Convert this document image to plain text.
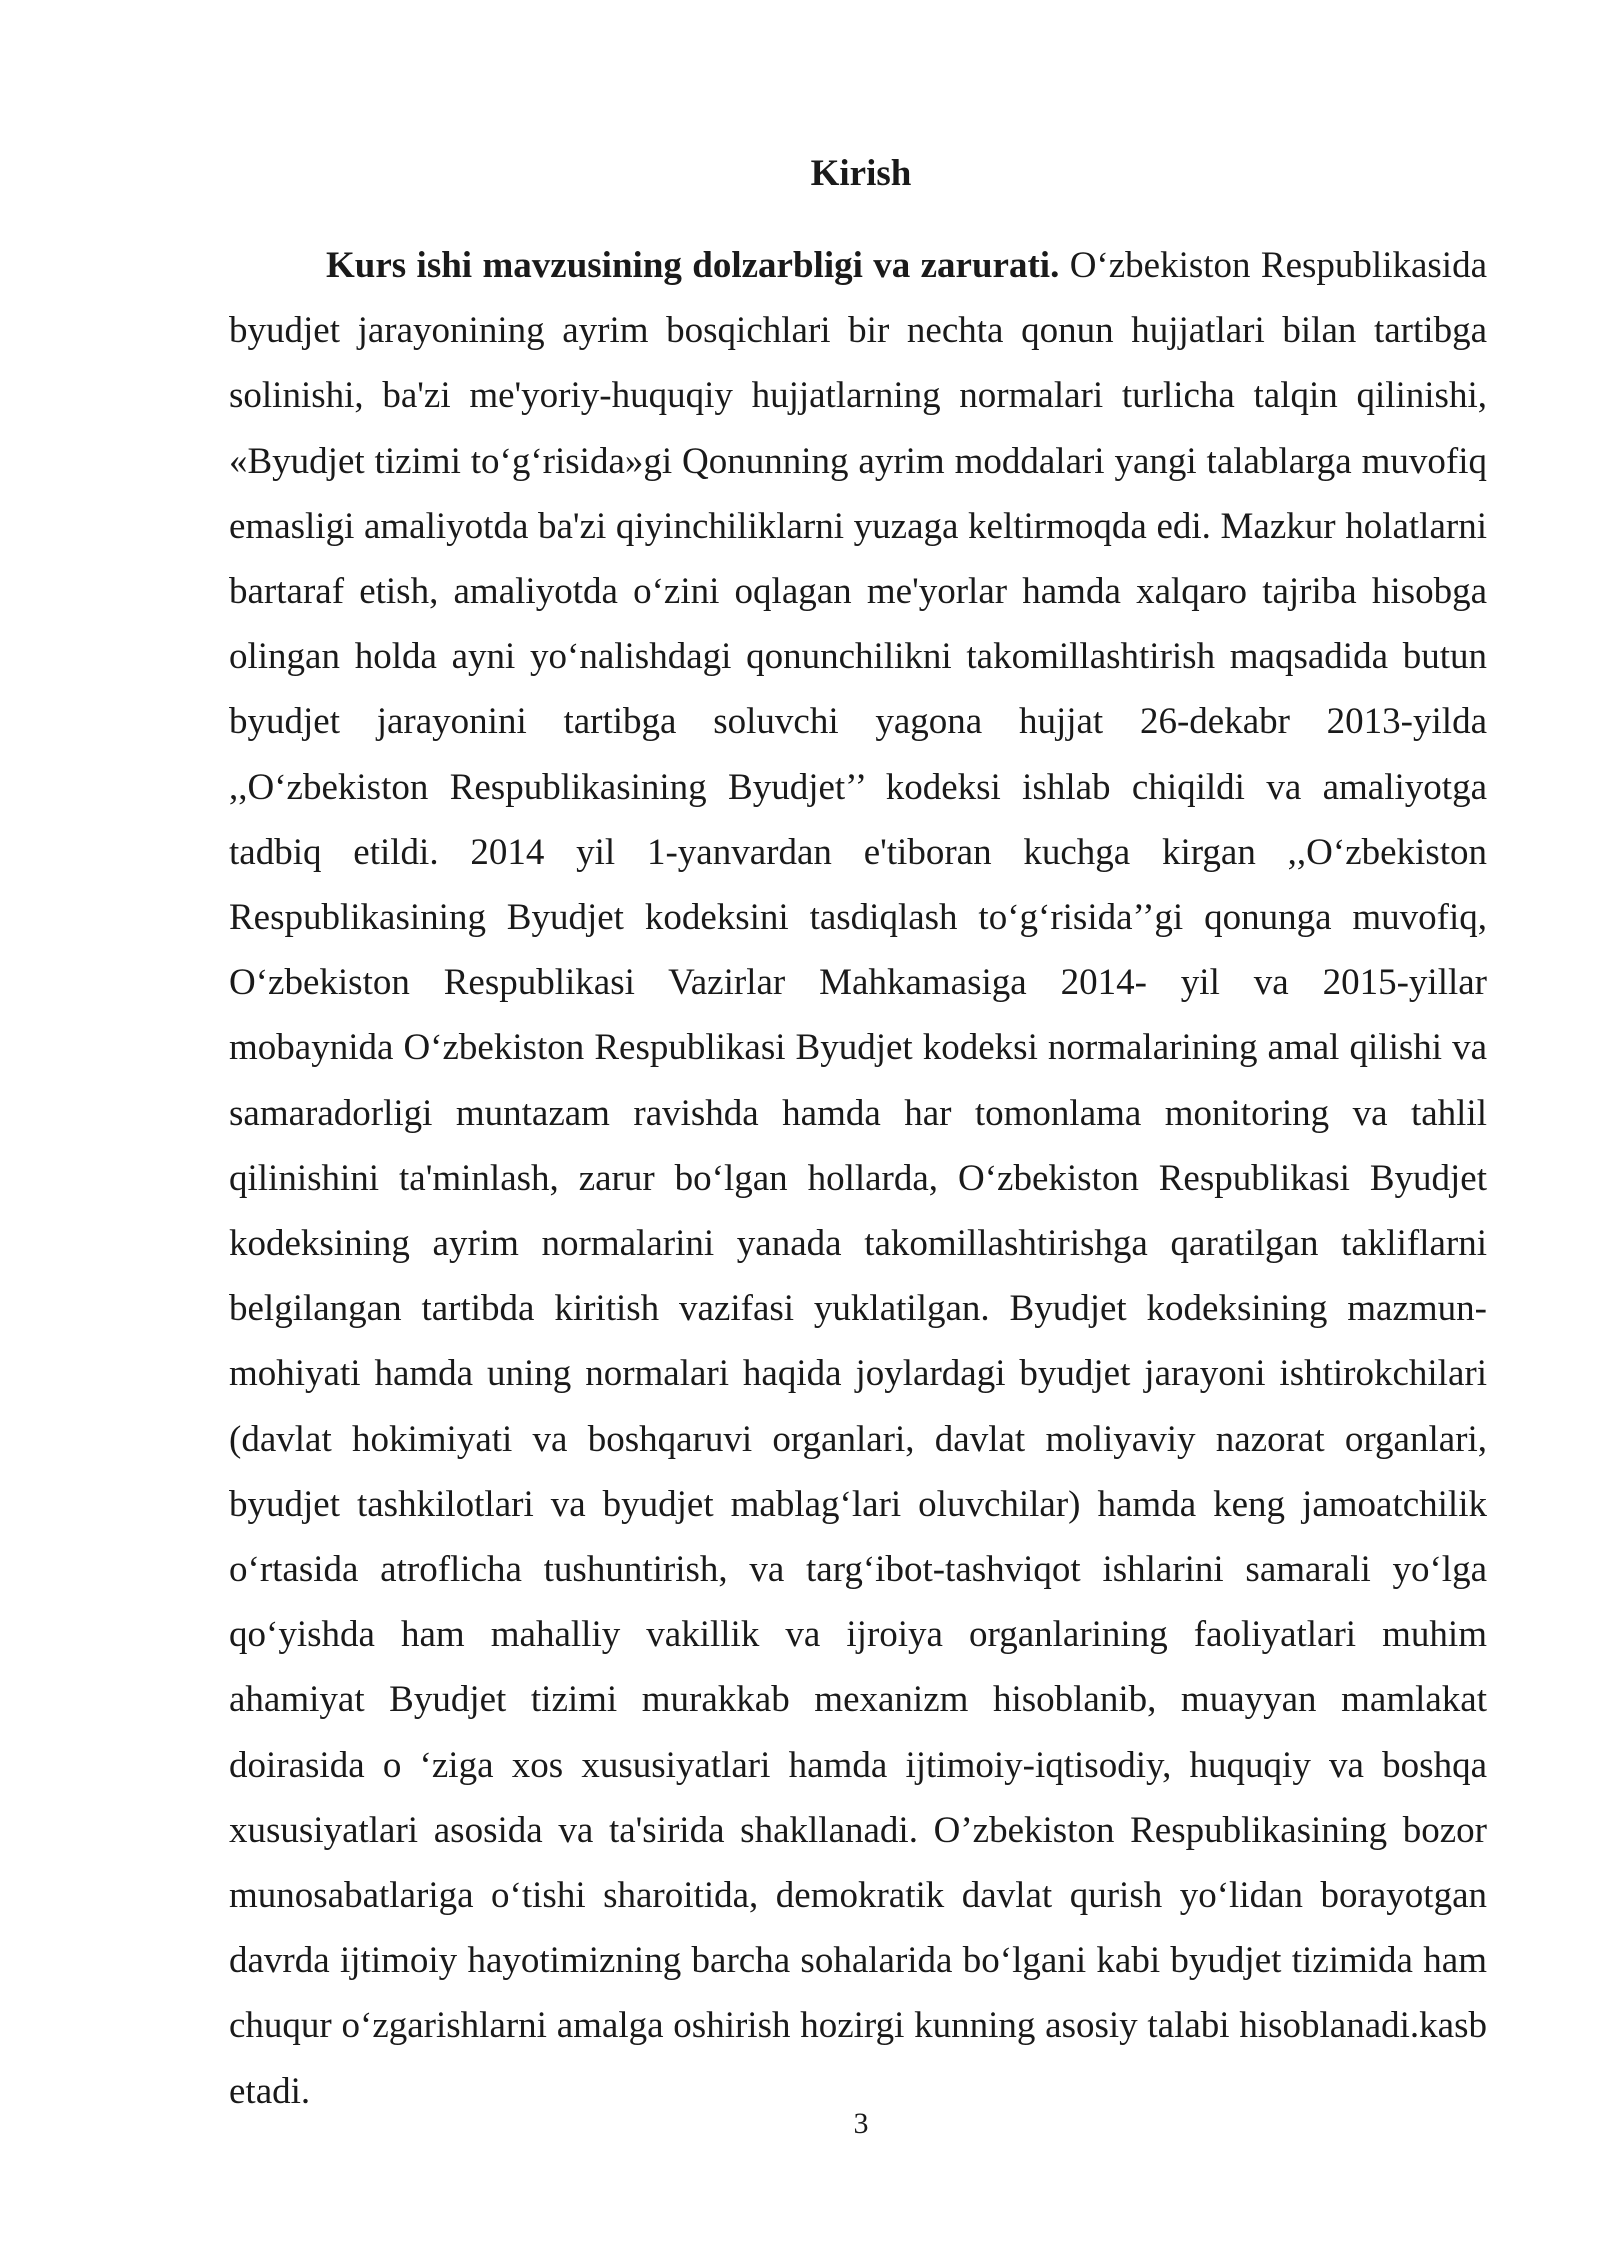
Kirish

Kurs ishi mavzusining dolzarbligi va zarurati. O‘zbekiston Respublikasida byudjet jarayonining ayrim bosqichlari bir nechta qonun hujjatlari bilan tartibga solinishi, ba'zi me'yoriy-huquqiy hujjatlarning normalari turlicha talqin qilinishi, «Byudjet tizimi to‘g‘risida»gi Qonunning ayrim moddalari yangi talablarga muvofiq emasligi amaliyotda ba'zi qiyinchiliklarni yuzaga keltirmoqda edi. Mazkur holatlarni bartaraf etish, amaliyotda o‘zini oqlagan me'yorlar hamda xalqaro tajriba hisobga olingan holda ayni yo‘nalishdagi qonunchilikni takomillashtirish maqsadida butun byudjet jarayonini tartibga soluvchi yagona hujjat 26-dekabr 2013-yilda ,,O‘zbekiston Respublikasining Byudjet’’ kodeksi ishlab chiqildi va amaliyotga tadbiq etildi. 2014 yil 1-yanvardan e'tiboran kuchga kirgan ,,O‘zbekiston Respublikasining Byudjet kodeksini tasdiqlash to‘g‘risida’’gi qonunga muvofiq, O‘zbekiston Respublikasi Vazirlar Mahkamasiga 2014- yil va 2015-yillar mobaynida O‘zbekiston Respublikasi Byudjet kodeksi normalarining amal qilishi va samaradorligi muntazam ravishda hamda har tomonlama monitoring va tahlil qilinishini ta'minlash, zarur bo‘lgan hollarda, O‘zbekiston Respublikasi Byudjet kodeksining ayrim normalarini yanada takomillashtirishga qaratilgan takliflarni belgilangan tartibda kiritish vazifasi yuklatilgan. Byudjet kodeksining mazmun-mohiyati hamda uning normalari haqida joylardagi byudjet jarayoni ishtirokchilari (davlat hokimiyati va boshqaruvi organlari, davlat moliyaviy nazorat organlari, byudjet tashkilotlari va byudjet mablag‘lari oluvchilar) hamda keng jamoatchilik o‘rtasida atroflicha tushuntirish, va targ‘ibot-tashviqot ishlarini samarali yo‘lga qo‘yishda ham mahalliy vakillik va ijroiya organlarining faoliyatlari muhim ahamiyat Byudjet tizimi murakkab mexanizm hisoblanib, muayyan mamlakat doirasida o ‘ziga xos xususiyatlari hamda ijtimoiy-iqtisodiy, huquqiy va boshqa xususiyatlari asosida va ta'sirida shakllanadi. O’zbekiston Respublikasining bozor munosabatlariga o‘tishi sharoitida, demokratik davlat qurish yo‘lidan borayotgan davrda ijtimoiy hayotimizning barcha sohalarida bo‘lgani kabi byudjet tizimida ham chuqur o‘zgarishlarni amalga oshirish hozirgi kunning asosiy talabi hisoblanadi.kasb etadi.

3
